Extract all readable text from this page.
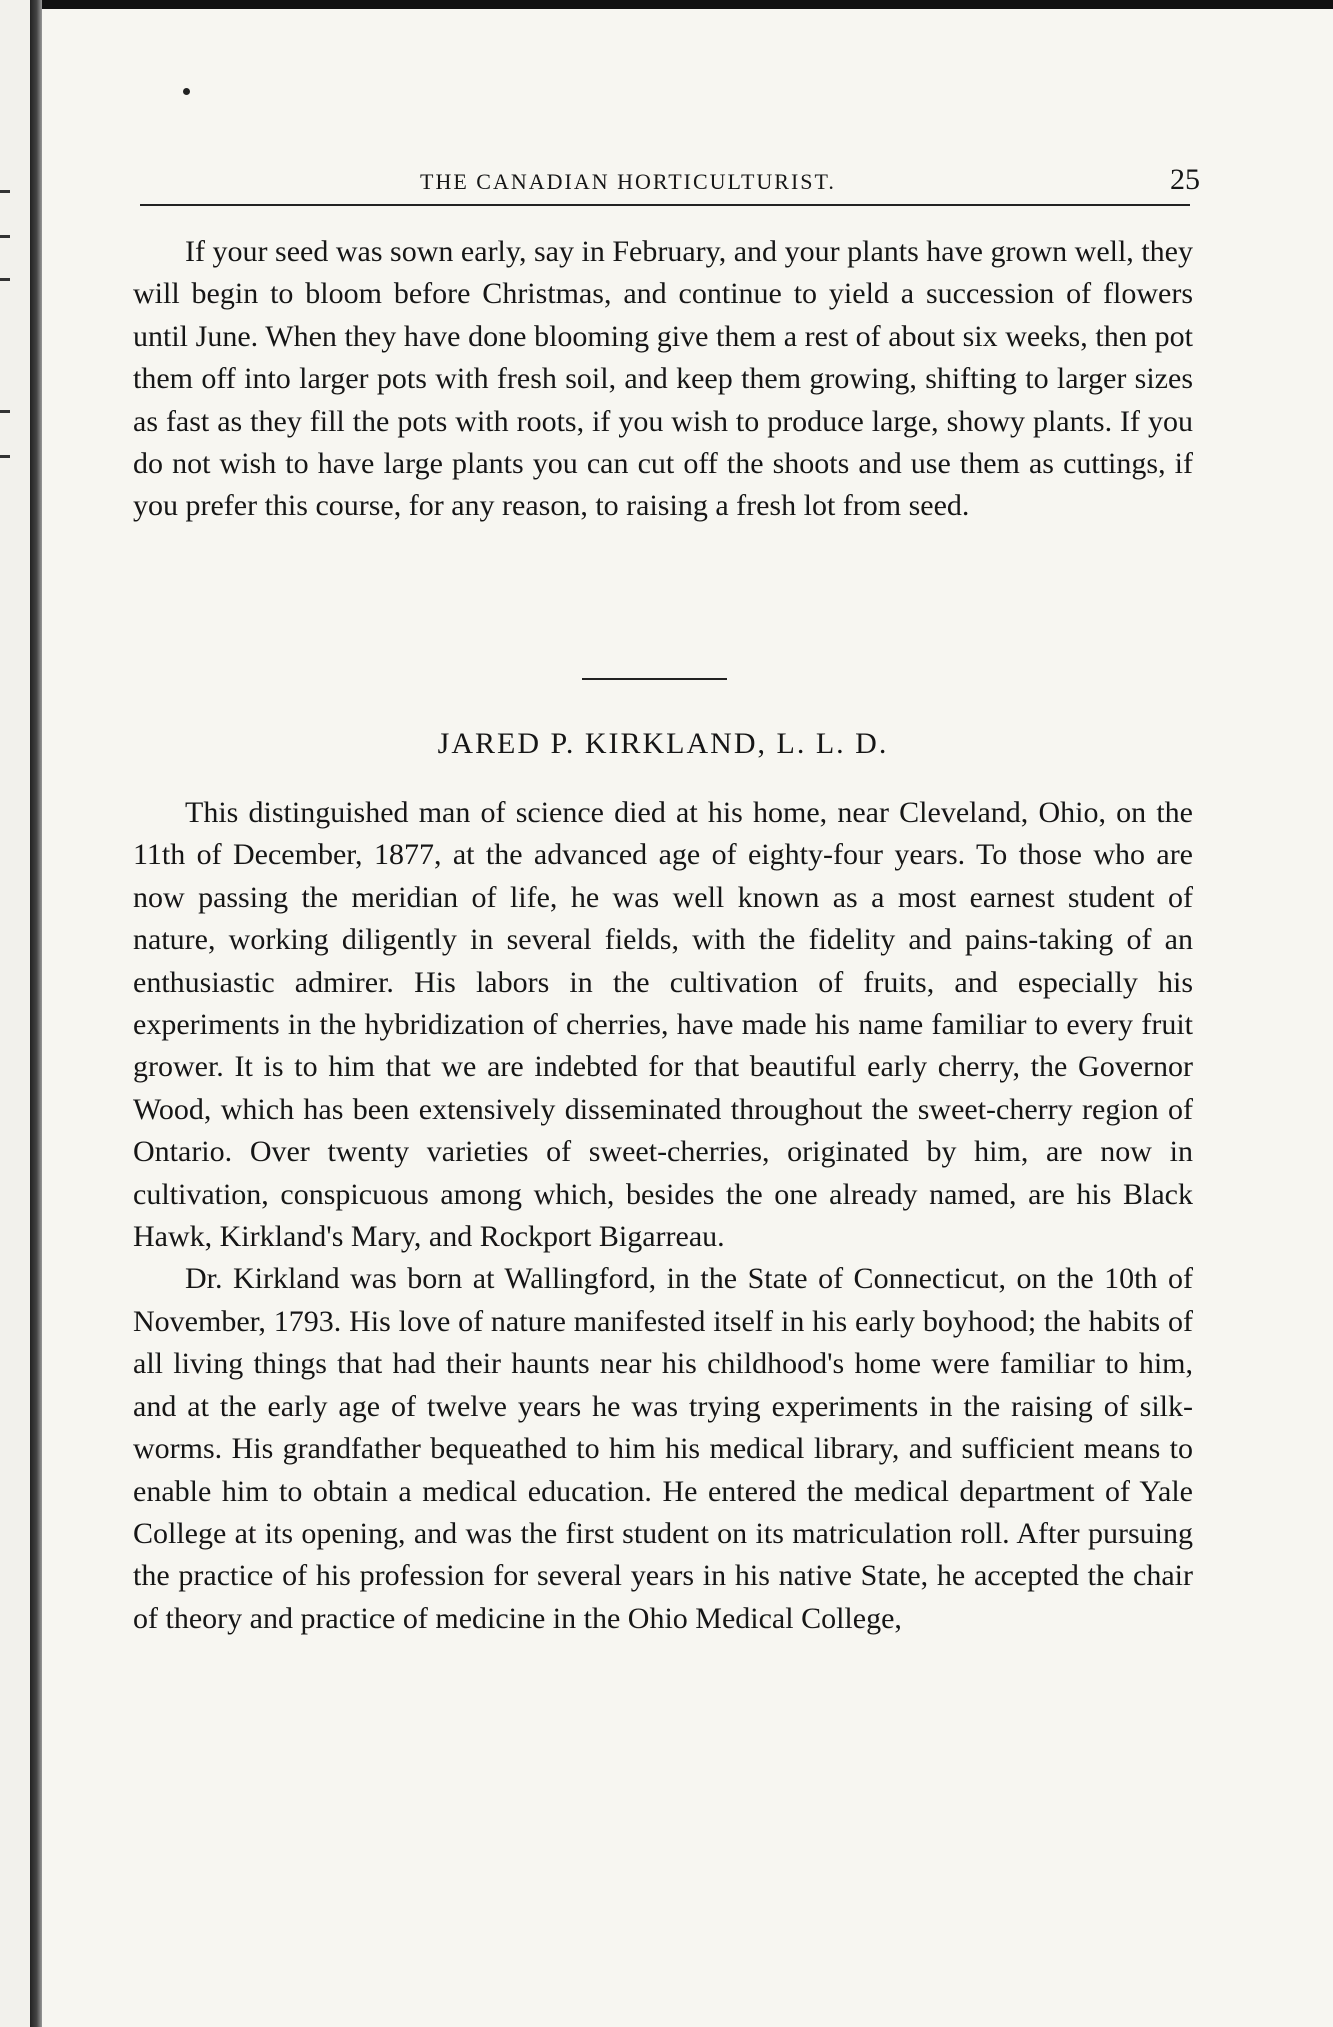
THE CANADIAN HORTICULTURIST.	25

If your seed was sown early, say in February, and your plants have grown well, they will begin to bloom before Christmas, and continue to yield a succession of flowers until June. When they have done blooming give them a rest of about six weeks, then pot them off into larger pots with fresh soil, and keep them growing, shifting to larger sizes as fast as they fill the pots with roots, if you wish to produce large, showy plants. If you do not wish to have large plants you can cut off the shoots and use them as cuttings, if you prefer this course, for any reason, to raising a fresh lot from seed.

JARED P. KIRKLAND, L. L. D.

This distinguished man of science died at his home, near Cleveland, Ohio, on the 11th of December, 1877, at the advanced age of eighty-four years. To those who are now passing the meridian of life, he was well known as a most earnest student of nature, working diligently in several fields, with the fidelity and pains-taking of an enthusiastic admirer. His labors in the cultivation of fruits, and especially his experiments in the hybridization of cherries, have made his name familiar to every fruit grower. It is to him that we are indebted for that beautiful early cherry, the Governor Wood, which has been extensively disseminated throughout the sweet-cherry region of Ontario. Over twenty varieties of sweet-cherries, originated by him, are now in cultivation, conspicuous among which, besides the one already named, are his Black Hawk, Kirkland's Mary, and Rockport Bigarreau.

Dr. Kirkland was born at Wallingford, in the State of Connecticut, on the 10th of November, 1793. His love of nature manifested itself in his early boyhood; the habits of all living things that had their haunts near his childhood's home were familiar to him, and at the early age of twelve years he was trying experiments in the raising of silk-worms. His grandfather bequeathed to him his medical library, and sufficient means to enable him to obtain a medical education. He entered the medical department of Yale College at its opening, and was the first student on its matriculation roll. After pursuing the practice of his profession for several years in his native State, he accepted the chair of theory and practice of medicine in the Ohio Medical College,
